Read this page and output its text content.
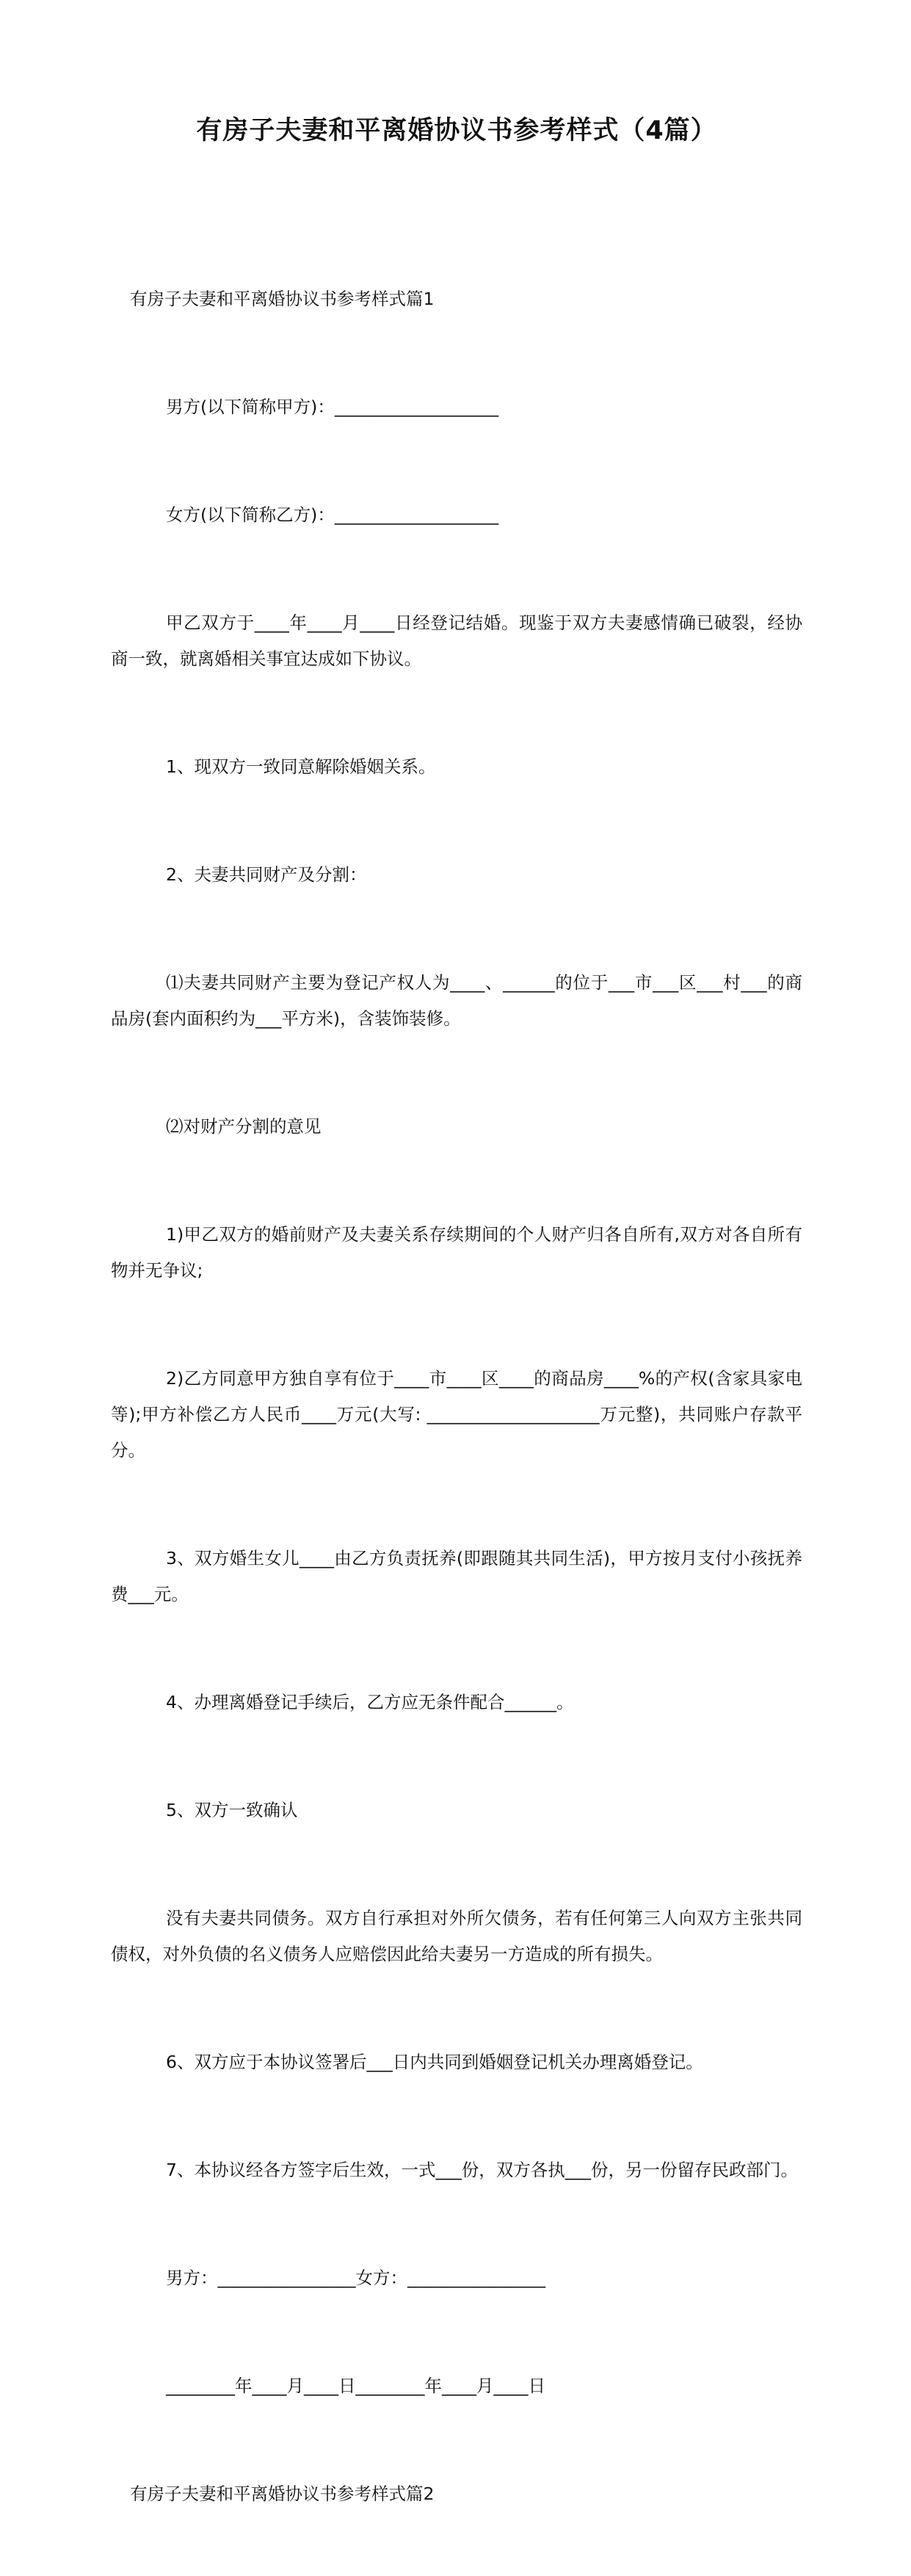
有房子夫妻和平离婚协议书参考样式（4篇）

有房子夫妻和平离婚协议书参考样式篇1

男方(以下简称甲方)：___________________

女方(以下简称乙方)：___________________

甲乙双方于____年____月____日经登记结婚。现鉴于双方夫妻感情确已破裂，经协商一致，就离婚相关事宜达成如下协议。

1、现双方一致同意解除婚姻关系。

2、夫妻共同财产及分割：

⑴夫妻共同财产主要为登记产权人为____、______的位于___市___区___村___的商品房(套内面积约为___平方米)，含装饰装修。

⑵对财产分割的意见

1)甲乙双方的婚前财产及夫妻关系存续期间的个人财产归各自所有,双方对各自所有物并无争议;

2)乙方同意甲方独自享有位于____市____区____的商品房____%的产权(含家具家电等);甲方补偿乙方人民币____万元(大写: ____________________万元整)，共同账户存款平分。

3、双方婚生女儿____由乙方负责抚养(即跟随其共同生活)，甲方按月支付小孩抚养费___元。

4、办理离婚登记手续后，乙方应无条件配合______。

5、双方一致确认

没有夫妻共同债务。双方自行承担对外所欠债务，若有任何第三人向双方主张共同债权，对外负债的名义债务人应赔偿因此给夫妻另一方造成的所有损失。

6、双方应于本协议签署后___日内共同到婚姻登记机关办理离婚登记。

7、本协议经各方签字后生效，一式___份，双方各执___份，另一份留存民政部门。

男方：________________女方：________________

________年____月____日________年____月____日

有房子夫妻和平离婚协议书参考样式篇2
